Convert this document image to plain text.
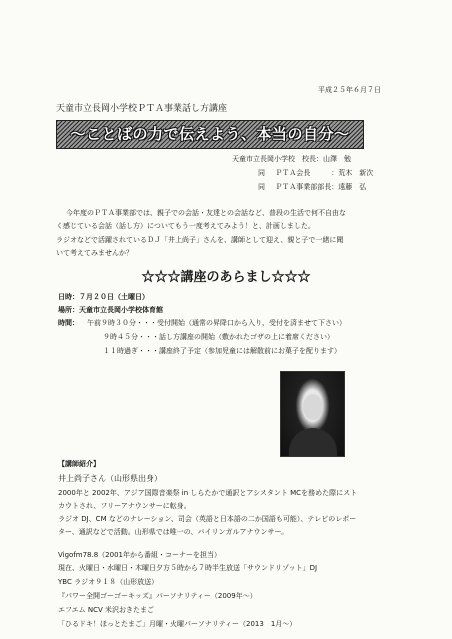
平成２５年６月７日
天童市立長岡小学校ＰＴＡ事業話し方講座
～ことばの力で伝えよう、本当の自分～
天童市立長岡小学校　校長：山澤　勉
同 ＰＴＡ会長　　　：荒木　新次
同 ＰＴＡ事業部部長：遠藤　弘
今年度のＰＴＡ事業部では、親子での会話・友達との会話など、普段の生活で何不自由な
く感じている会話（話し方）についてもう一度考えてみよう！と、計画しました。
ラジオなどで活躍されているＤＪ「井上尚子」さんを、講師として迎え、親と子で一緒に聞
いて考えてみませんか？
☆☆☆講座のあらまし☆☆☆
日時：７月２０日（土曜日）
場所：天童市立長岡小学校体育館
時間： 午前９時３０分・・・受付開始（通常の昇降口から入り、受付を済ませて下さい）
９時４５分・・・話し方講座の開始（敷かれたゴザの上に着席ください）
１１時過ぎ・・・講座終了予定（参加児童には解散前にお菓子を配ります）
【講師紹介】
井上尚子さん（山形県出身）
2000年と 2002年、アジア国際音楽祭 in しらたかで通訳とアシスタント MCを務めた際にスト
カウトされ、フリーアナウンサーに転身。
ラジオ DJ、CM などのナレーション、司会（英語と日本語の二か国語も可能）、テレビのレポー
ター、通訳などで活動。山形県では唯一の、バイリンガルアナウンサー。
Vigofm78.8（2001年から番組・コーナーを担当）
現在、火曜日・水曜日・木曜日夕方５時から７時半生放送「サウンドリゾット」DJ
YBC ラジオ９１８（山形放送）
『パワー全開ゴーゴーキッズ』パーソナリティー（2009年～）
エフエム NCV 米沢おきたまご
「ひるドキ！ほっとたまご」月曜・火曜パーソナリティー（2013　1月～）
